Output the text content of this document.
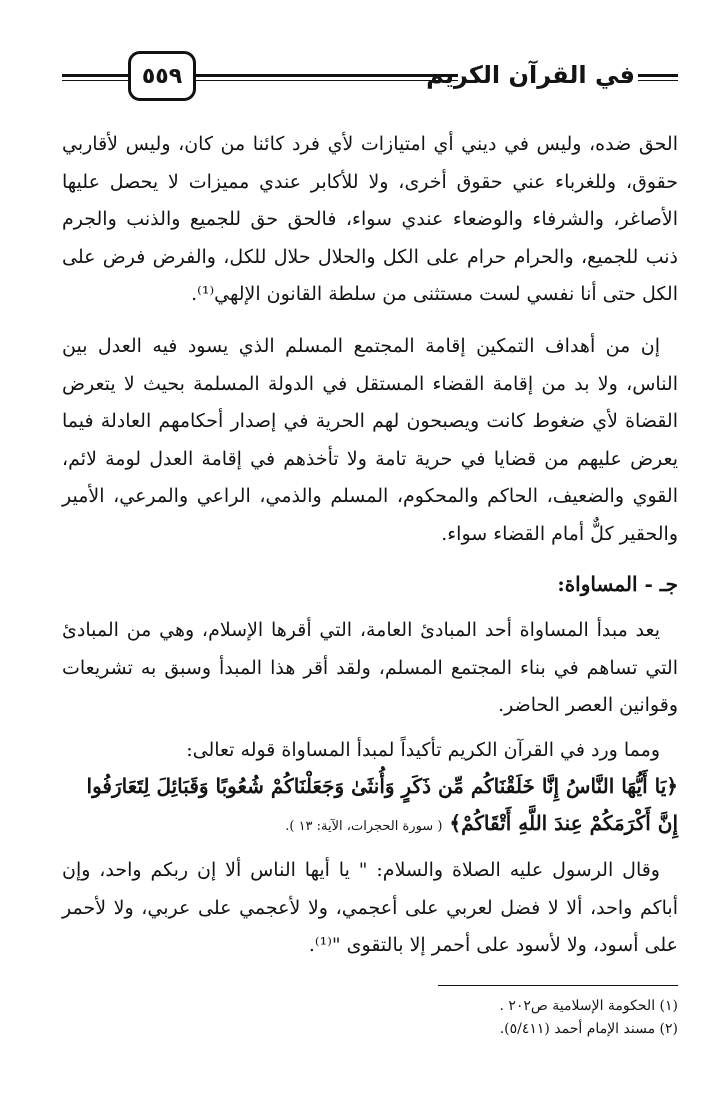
٥٥٩	في القرآن الكريم

الحق ضده، وليس في ديني أي امتيازات لأي فرد كائنا من كان، وليس لأقاربي حقوق، وللغرباء عني حقوق أخرى، ولا للأكابر عندي مميزات لا يحصل عليها الأصاغر، والشرفاء والوضعاء عندي سواء، فالحق حق للجميع والذنب والجرم ذنب للجميع، والحرام حرام على الكل والحلال حلال للكل، والفرض فرض على الكل حتى أنا نفسي لست مستثنى من سلطة القانون الإلهي⁽¹⁾.

إن من أهداف التمكين إقامة المجتمع المسلم الذي يسود فيه العدل بين الناس، ولا بد من إقامة القضاء المستقل في الدولة المسلمة بحيث لا يتعرض القضاة لأي ضغوط كانت ويصبحون لهم الحرية في إصدار أحكامهم العادلة فيما يعرض عليهم من قضايا في حرية تامة ولا تأخذهم في إقامة العدل لومة لائم، القوي والضعيف، الحاكم والمحكوم، المسلم والذمي، الراعي والمرعي، الأمير والحقير كلٌّ أمام القضاء سواء.

جـ - المساواة:

يعد مبدأ المساواة أحد المبادئ العامة، التي أقرها الإسلام، وهي من المبادئ التي تساهم في بناء المجتمع المسلم، ولقد أقر هذا المبدأ وسبق به تشريعات وقوانين العصر الحاضر.

ومما ورد في القرآن الكريم تأكيداً لمبدأ المساواة قوله تعالى:

﴿يَا أَيُّهَا النَّاسُ إِنَّا خَلَقْنَاكُم مِّن ذَكَرٍ وَأُنثَىٰ وَجَعَلْنَاكُمْ شُعُوبًا وَقَبَائِلَ لِتَعَارَفُوا إِنَّ أَكْرَمَكُمْ عِندَ اللَّهِ أَتْقَاكُمْ﴾ ( سورة الحجرات، الآية: ١٣ ).

وقال الرسول عليه الصلاة والسلام: " يا أيها الناس ألا إن ربكم واحد، وإن أباكم واحد، ألا لا فضل لعربي على أعجمي، ولا لأعجمي على عربي، ولا لأحمر على أسود، ولا لأسود على أحمر إلا بالتقوى "⁽¹⁾.

(١) الحكومة الإسلامية ص٢٠٢ .

(٢) مسند الإمام أحمد (٥/٤١١).
